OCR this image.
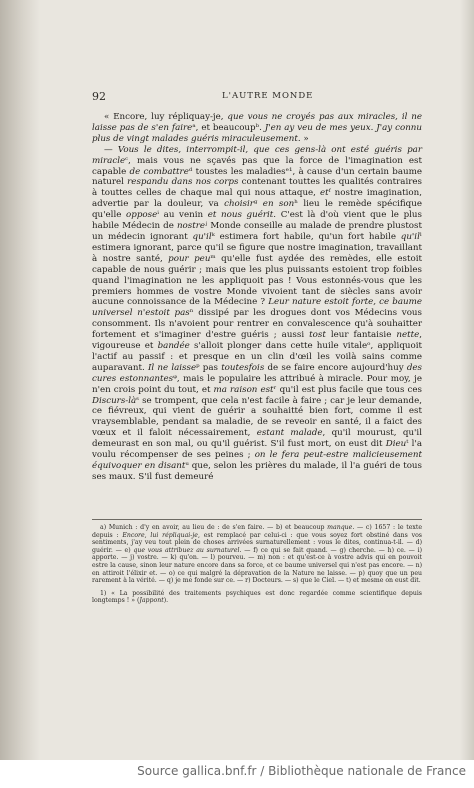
92	L'AUTRE MONDE

« Encore, luy répliquay-je, que vous ne croyés pas aux miracles, il ne laisse pas de s'en faireᵃ, et beaucoupᵇ. J'en ay veu de mes yeux. J'ay connu plus de vingt malades guéris miraculeusement. »

— Vous le dites, interrompit-il, que ces gens-là ont esté guéris par miracleᶜ, mais vous ne sçavés pas que la force de l'imagination est capable de combattreᵈ toustes les maladiesᵉ¹, à cause d'un certain baume naturel respandu dans nos corps contenant touttes les qualités contraires à touttes celles de chaque mal qui nous attaque, etᶠ nostre imagination, advertie par la douleur, va choisirᵍ en sonʰ lieu le remède spécifique qu'elle opposeⁱ au venin et nous guérit. C'est là d'où vient que le plus habile Médecin de nostreʲ Monde conseille au malade de prendre plustost un médecin ignorant qu'ilᵏ estimera fort habile, qu'un fort habile qu'ilˡ estimera ignorant, parce qu'il se figure que nostre imagination, travaillant à nostre santé, pour peuᵐ qu'elle fust aydée des remèdes, elle estoit capable de nous guérir ; mais que les plus puissants estoient trop foibles quand l'imagination ne les appliquoit pas ! Vous estonnés-vous que les premiers hommes de vostre Monde vivoient tant de siècles sans avoir aucune connoissance de la Médecine ? Leur nature estoit forte, ce baume universel n'estoit pasⁿ dissipé par les drogues dont vos Médecins vous consomment. Ils n'avoient pour rentrer en convalescence qu'à souhaitter fortement et s'imaginer d'estre guéris ; aussi tost leur fantaisie nette, vigoureuse et bandée s'alloit plonger dans cette huile vitaleᵒ, appliquoit l'actif au passif : et presque en un clin d'œil les voilà sains comme auparavant. Il ne laisseᵖ pas toutesfois de se faire encore aujourd'huy des cures estonnantesᵠ, mais le populaire les attribué à miracle. Pour moy, je n'en crois point du tout, et ma raison estʳ qu'il est plus facile que tous ces Discurs-làˢ se trompent, que cela n'est facile à faire ; car je leur demande, ce fiévreux, qui vient de guérir a souhaitté bien fort, comme il est vraysemblable, pendant sa maladie, de se reveoir en santé, il a faict des vœux et il faloit nécessairement, estant malade, qu'il mourust, qu'il demeurast en son mal, ou qu'il guérist. S'il fust mort, on eust dit Dieuᵗ l'a voulu récompenser de ses peines ; on le fera peut-estre malicieusement équivoquer en disantᵘ que, selon les prières du malade, il l'a guéri de tous ses maux. S'il fust demeuré

a) Munich : d'y en avoir, au lieu de : de s'en faire. — b) et beaucoup manque. — c) 1657 : le texte depuis : Encore, lui répliquai-je, est remplacé par celui-ci : que vous soyez fort obstiné dans vos sentiments, j'ay veu tout plein de choses arrivées surnaturellement : vous le dites, continua-t-il. — d) guérir. — e) que vous attribuez au surnaturel. — f) ce qui se fait quand. — g) cherche. — h) ce. — i) apporte. — j) vostre. — k) qu'on. — l) pourveu. — m) non : et qu'est-ce à vostre advis qui en pouvoit estre la cause, sinon leur nature encore dans sa force, et ce baume universel qui n'est pas encore. — n) en attiroit l'élixir et. — o) ce qui malgré la dépravation de la Nature ne laisse. — p) quoy que un peu rarement à la vérité. — q) je me fonde sur ce. — r) Docteurs. — s) que le Ciel. — t) et mesme on eust dit.

1) « La possibilité des traitements psychiques est donc regardée comme scientifique depuis longtemps ! » (Jappont).

Source gallica.bnf.fr / Bibliothèque nationale de France
